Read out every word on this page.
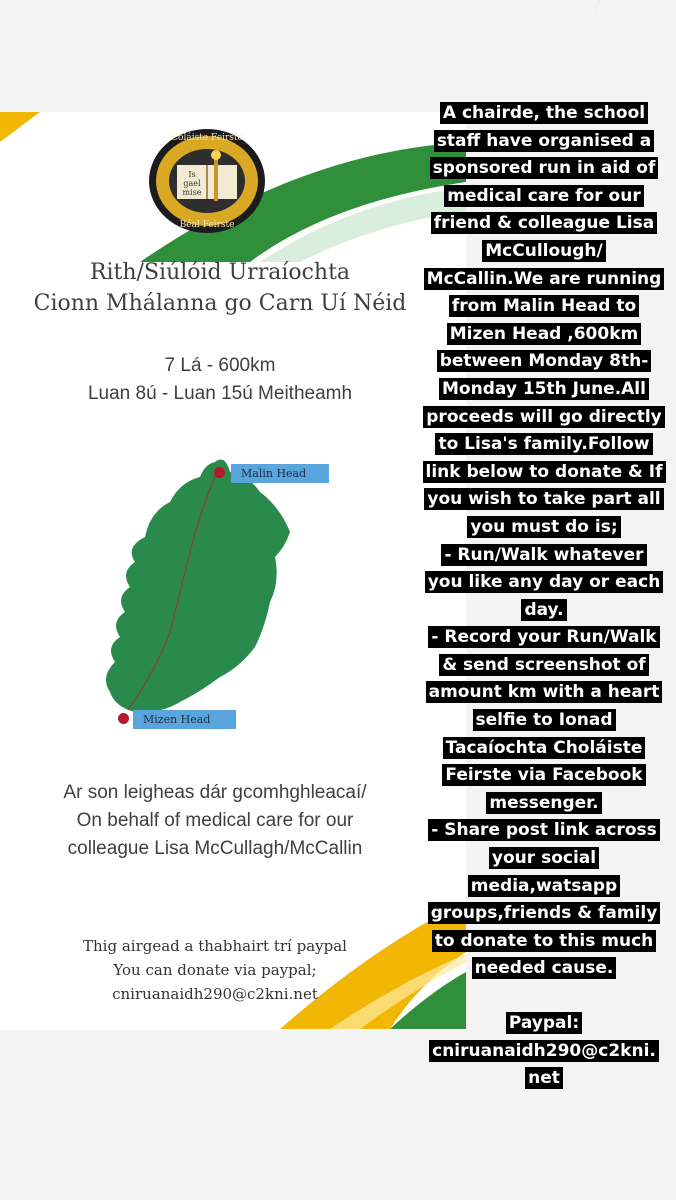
Coláiste Feirste
Is
gael
mise
Béal Feirste
Rith/Siúlóid Urraíochta
Cionn Mhálanna go Carn Uí Néid
7 Lá - 600km
Luan 8ú - Luan 15ú Meitheamh
Malin Head
Mizen Head
Ar son leigheas dár gcomhghleacaí/
On behalf of medical care for our
colleague Lisa McCullagh/McCallin
Thig airgead a thabhairt trí paypal
You can donate via paypal;
cniruanaidh290@c2kni.net
A chairde, the school
staff have organised a
sponsored run in aid of
medical care for our
friend & colleague Lisa
McCullough/
McCallin.We are running
from Malin Head to
Mizen Head ,600km
between Monday 8th-
Monday 15th June.All
proceeds will go directly
to Lisa's family.Follow
link below to donate & If
you wish to take part all
you must do is;
- Run/Walk whatever
you like any day or each
day.
- Record your Run/Walk
& send screenshot of
amount km with a heart
selfie to Ionad
Tacaíochta Choláiste
Feirste via Facebook
messenger.
- Share post link across
your social
media,watsapp
groups,friends & family
to donate to this much
needed cause.
Paypal:
cniruanaidh290@c2kni.
net
